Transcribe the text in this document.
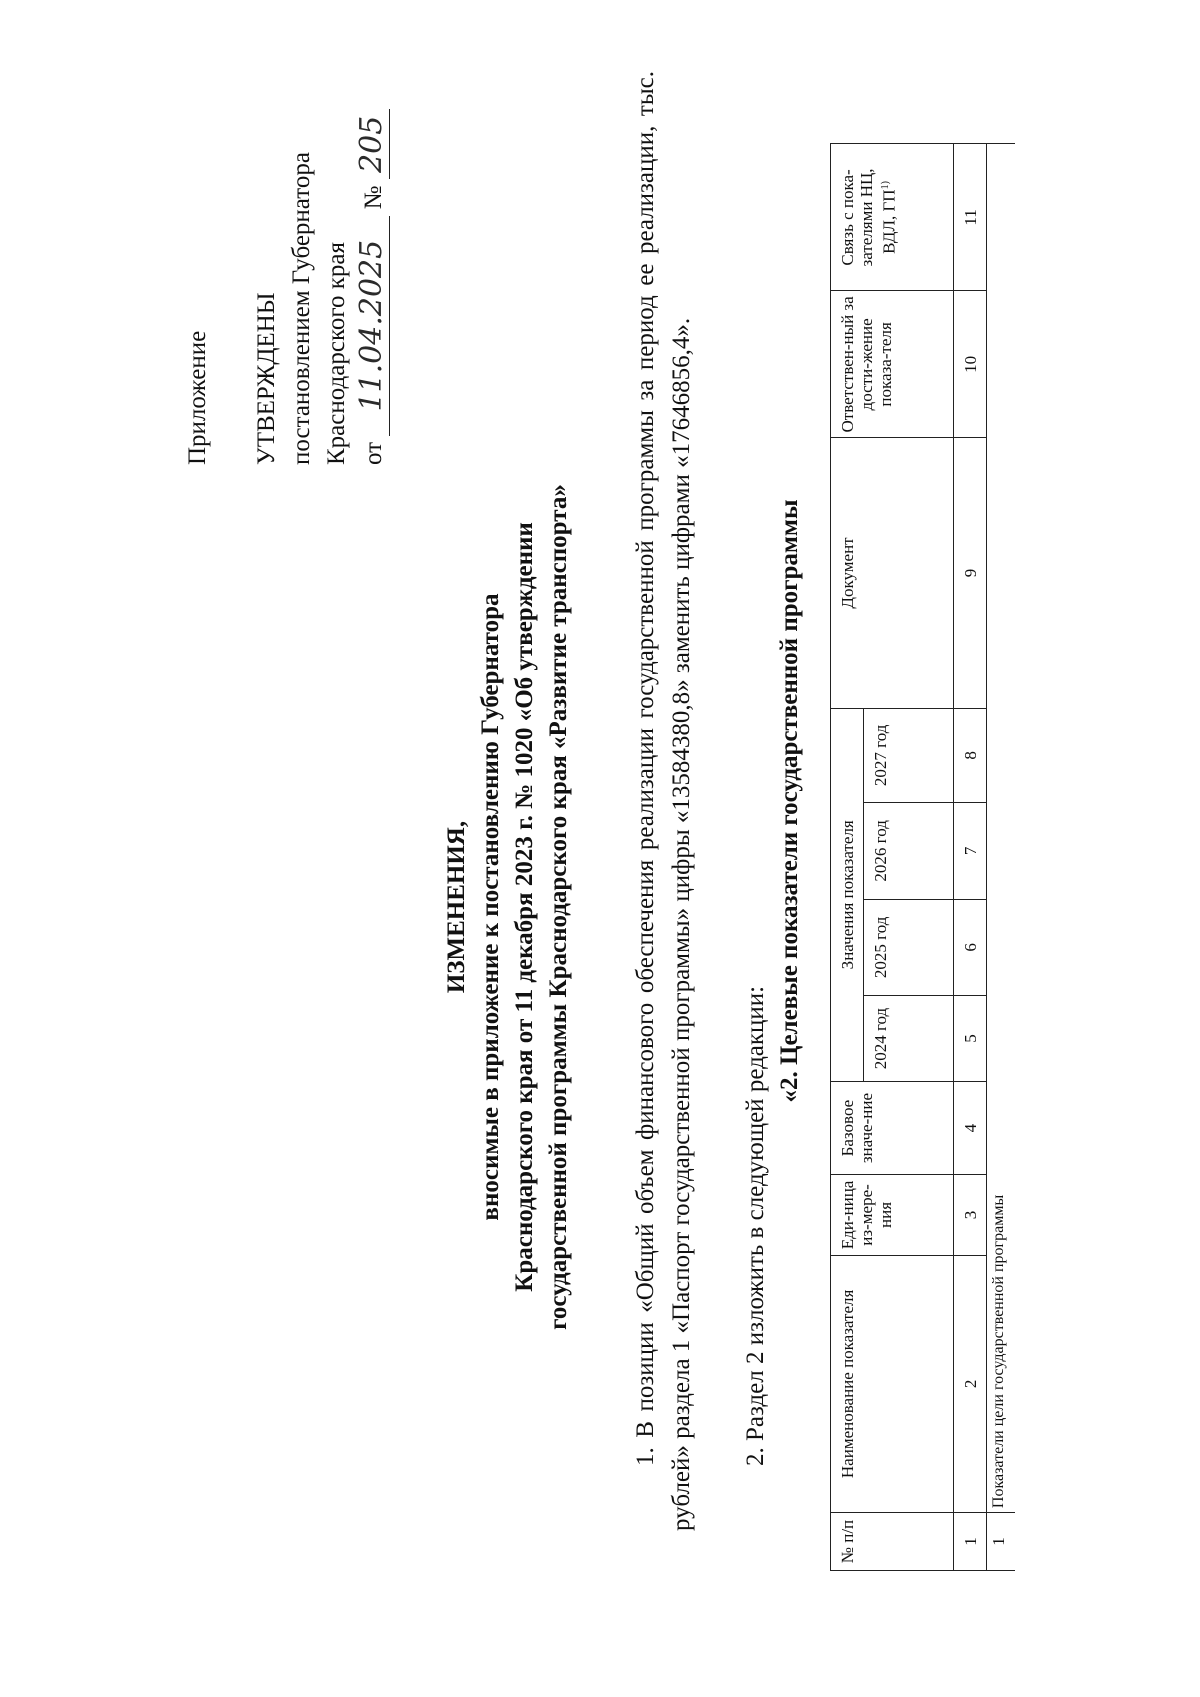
Приложение УТВЕРЖДЕНЫ постановлением Губернатора Краснодарского края от 11.04.2025 № 205
ИЗМЕНЕНИЯ, вносимые в приложение к постановлению Губернатора Краснодарского края от 11 декабря 2023 г. № 1020 «Об утверждении государственной программы Краснодарского края «Развитие транспорта» 1. В позиции «Общий объем финансового обеспечения реализации государственной программы за период ее реализации, тыс. рублей» раздела 1 «Паспорт государственной программы» цифры «13584380,8» заменить цифрами «17646856,4». 2. Раздел 2 изложить в следующей редакции:
«2. Целевые показатели государственной программы
№ п/п	Наименование показателя	Еди-ница из-мере-ния	Базовое значе-ние	Значения показателя				Документ	Ответствен-ный за дости-жение показа-теля	Связь с пока-зателями НЦ, ВДЛ, ГП$^{1)}$	
				2024 год	2025 год	2026 год	2027 год				
1	2	3	4	5	6	7	8	9	10	11	
1	Показатели цели государственной программы										
